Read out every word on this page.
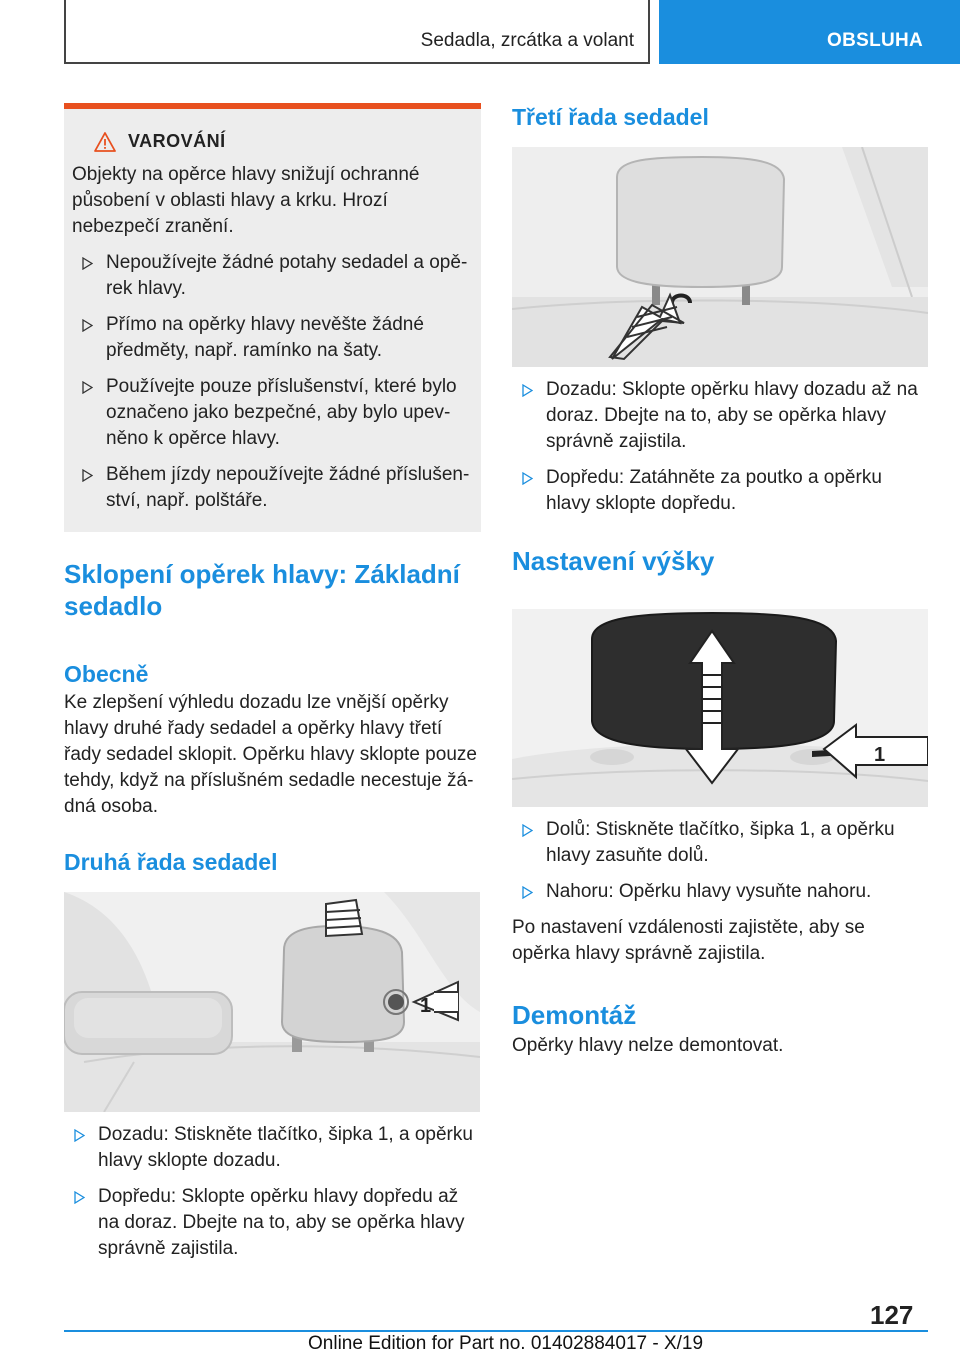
Sedadla, zrcátka a volant	OBSLUHA
VAROVÁNÍ

Objekty na opěrce hlavy snižují ochranné působení v oblasti hlavy a krku. Hrozí nebezpečí zranění.

Nepoužívejte žádné potahy sedadel a opěrek hlavy.
Přímo na opěrky hlavy nevěšte žádné předměty, např. ramínko na šaty.
Používejte pouze příslušenství, které bylo označeno jako bezpečné, aby bylo upevněno k opěrce hlavy.
Během jízdy nepoužívejte žádné příslušenství, např. polštáře.
Sklopení opěrek hlavy: Základní sedadlo
Obecně

Ke zlepšení výhledu dozadu lze vnější opěrky hlavy druhé řady sedadel a opěrky hlavy třetí řady sedadel sklopit. Opěrku hlavy sklopte pouze tehdy, když na příslušném sedadle necestuje žádná osoba.

Druhá řada sedadel
1
Dozadu: Stiskněte tlačítko, šipka 1, a opěrku hlavy sklopte dozadu.
Dopředu: Sklopte opěrku hlavy dopředu až na doraz. Dbejte na to, aby se opěrka hlavy správně zajistila.
Třetí řada sedadel
Dozadu: Sklopte opěrku hlavy dozadu až na doraz. Dbejte na to, aby se opěrka hlavy správně zajistila.
Dopředu: Zatáhněte za poutko a opěrku hlavy sklopte dopředu.
Nastavení výšky
1
Dolů: Stiskněte tlačítko, šipka 1, a opěrku hlavy zasuňte dolů.
Nahoru: Opěrku hlavy vysuňte nahoru.

Po nastavení vzdálenosti zajistěte, aby se opěrka hlavy správně zajistila.

Demontáž

Opěrky hlavy nelze demontovat.

127
Online Edition for Part no. 01402884017 - X/19
